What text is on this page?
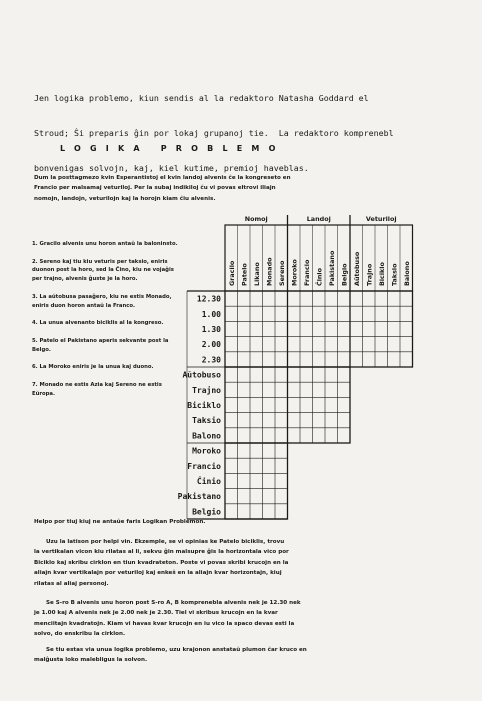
Jen logika problemo, kiun sendis al la redaktoro Natasha Goddard el

Stroud; Ŝi preparis ĝin por lokaj grupanoj tie.  La redaktoro komprenebl

bonvenigas solvojn, kaj, kiel kutime, premioj haveblas.

LOGIKA PROBLEMO

Dum la posttagmezo kvin Esperantistoj el kvin landoj alvenis ĉe la kongreseto en

Francio per malsamaj veturiloj. Per la subaj indikiloj ĉu vi povas eltrovi iliajn

nomojn, landojn, veturilojn kaj la horojn kiam ĉiu alvenis.

1. Gracilo alvenis unu horon antaŭ la baloninsto.

2. Sereno kaj tiu kiu veturis per taksio, eniris duonon post la horo, sed la Ĉino, kiu ne vojaĝis per trajno, alvenis ĝuste je la horo.

3. La aŭtobusa pasaĝero, kiu ne estis Monado, eniris duon horon antaŭ la Franco.

4. La unua alvenanto biciklis al la kongreso.

5. Patelo el Pakistano aperis sekvante post la Belgo.

6. La Moroko eniris je la unua kaj duono.

7. Monado ne estis Azia kaj Sereno ne estis Eŭropa.

Nomoj	Landoj	Veturiloj
Gracilo Patelo Likano Monado Sereno Moroko Francio Ĉinio Pakistano Belgio Aŭtobuso Trajno Biciklo Taksio Balono
12.30
1.00
1.30
2.00
2.30
Aŭtobuso
Trajno
Biciklo
Taksio
Balono
Moroko
Francio
Ĉinio
Pakistano
Belgio

Helpo por tiuj kiuj ne antaŭe faris Logikan Problemon.

Uzu la latison por helpi vin. Ekzemple, se vi opinias ke Patelo biciklis, trovu

la vertikalan vicon kiu rilatas al li, sekvu ĝin malsupre ĝis la horizontala vico por

Biciklo kaj skribu cirklon en tiun kvadrateton. Poste vi povas skribi krucojn en la

aliajn kvar vertikalajn por veturiloj kaj enkeš en la aliajn kvar horizontajn, kiuj

rilatas al aliaj personoj.

Se S-ro B alvenis unu horon post S-ro A, B komprenebla alvenis nek je 12.30 nek

je 1.00 kaj A alvenis nek je 2.00 nek je 2.30. Tiel vi skribus krucojn en la kvar

menciitajn kvadratojn. Kiam vi havas kvar krucojn en iu vico la spaco devas esti la

solvo, do enskribu la cirklon.

Se tiu estas via unua logika problemo, uzu krajonon anstataŭ plumon ĉar kruco en

malĝusta loko malebligus la solvon.
